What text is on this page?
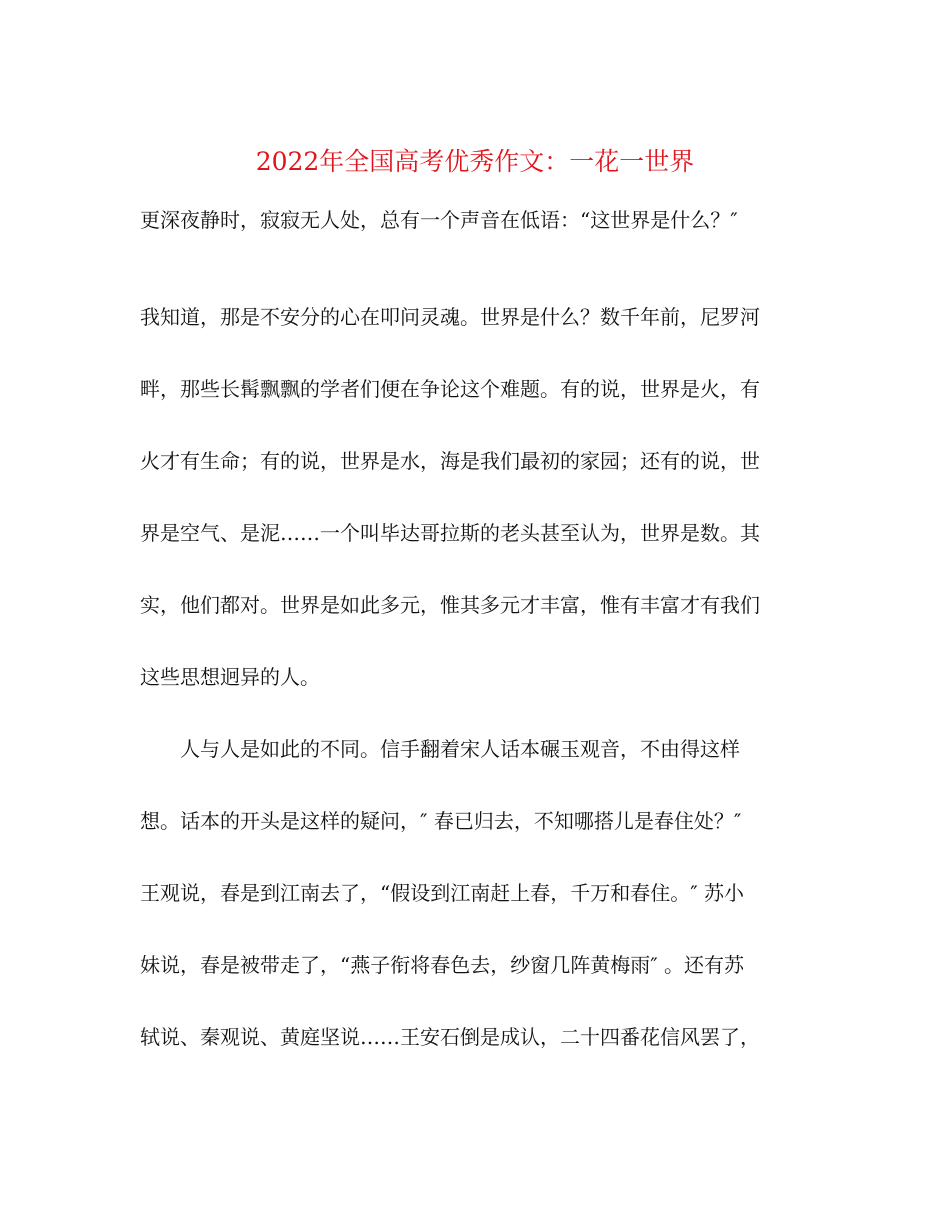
2022年全国高考优秀作文：一花一世界
更深夜静时，寂寂无人处，总有一个声音在低语：“这世界是什么？″
我知道，那是不安分的心在叩问灵魂。世界是什么？数千年前，尼罗河
畔，那些长髯飘飘的学者们便在争论这个难题。有的说，世界是火，有
火才有生命；有的说，世界是水，海是我们最初的家园；还有的说，世
界是空气、是泥……一个叫毕达哥拉斯的老头甚至认为，世界是数。其
实，他们都对。世界是如此多元，惟其多元才丰富，惟有丰富才有我们
这些思想迥异的人。
人与人是如此的不同。信手翻着宋人话本碾玉观音，不由得这样
想。话本的开头是这样的疑问，″ 春已归去，不知哪搭儿是春住处？″
王观说，春是到江南去了，“假设到江南赶上春，千万和春住。″ 苏小
妹说，春是被带走了，“燕子衔将春色去，纱窗几阵黄梅雨″ 。还有苏
轼说、秦观说、黄庭坚说……王安石倒是成认，二十四番花信风罢了，
